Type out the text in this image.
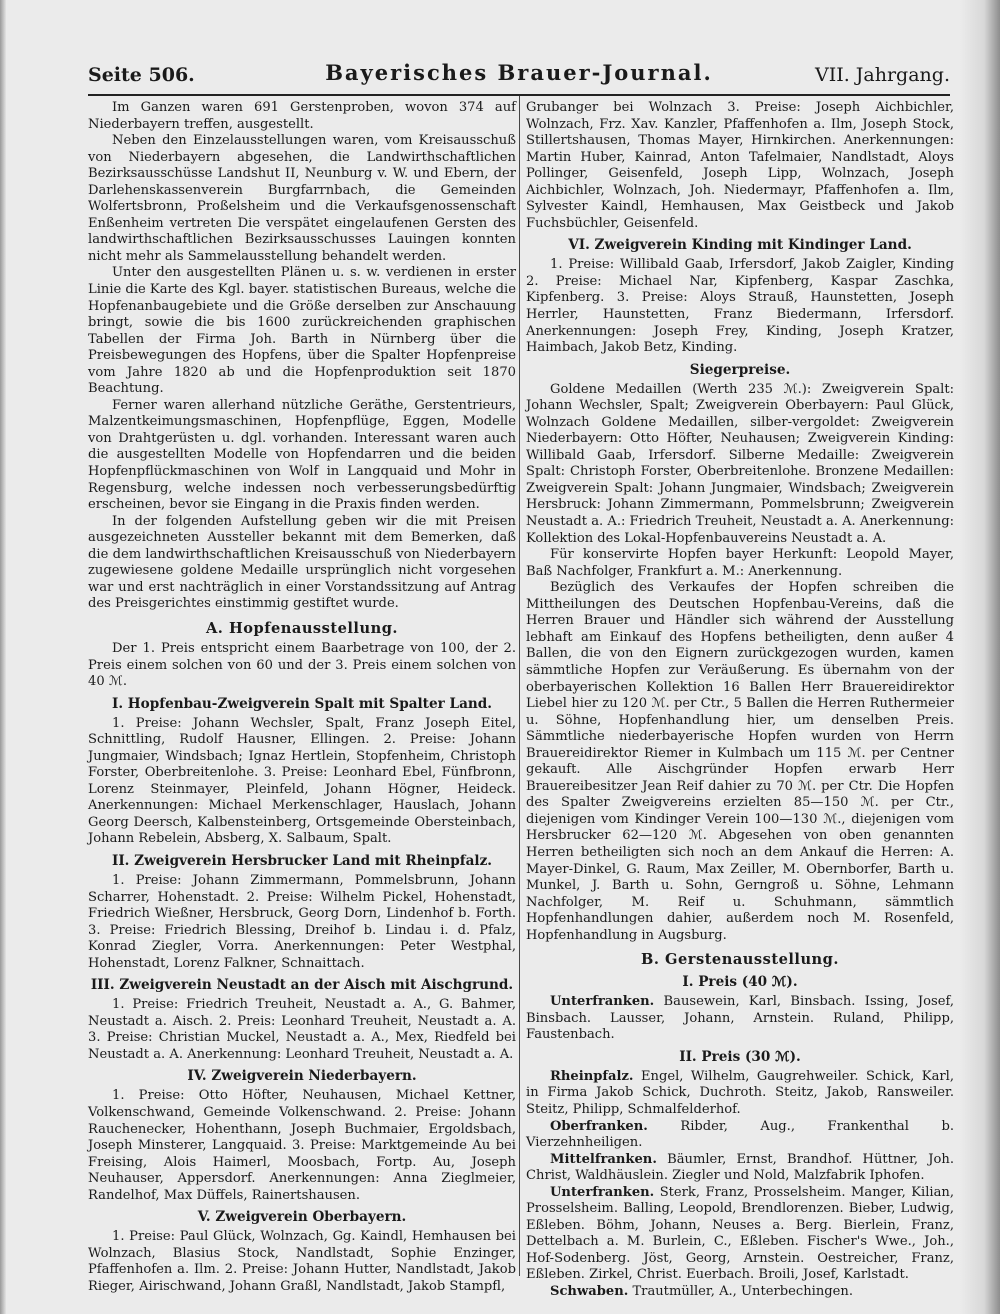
Seite 506.	Bayerisches Brauer-Journal.	VII. Jahrgang.

Im Ganzen waren 691 Gerstenproben, wovon 374 auf Niederbayern treffen, ausgestellt.

Neben den Einzelausstellungen waren, vom Kreisausschuß von Niederbayern abgesehen, die Landwirthschaftlichen Bezirksausschüsse Landshut II, Neunburg v. W. und Ebern, der Darlehenskassenverein Burgfarrnbach, die Gemeinden Wolfertsbronn, Proßelsheim und die Verkaufsgenossenschaft Enßenheim vertreten Die verspätet eingelaufenen Gersten des landwirthschaftlichen Bezirksausschusses Lauingen konnten nicht mehr als Sammelausstellung behandelt werden.

Unter den ausgestellten Plänen u. s. w. verdienen in erster Linie die Karte des Kgl. bayer. statistischen Bureaus, welche die Hopfenanbaugebiete und die Größe derselben zur Anschauung bringt, sowie die bis 1600 zurückreichenden graphischen Tabellen der Firma Joh. Barth in Nürnberg über die Preisbewegungen des Hopfens, über die Spalter Hopfenpreise vom Jahre 1820 ab und die Hopfenproduktion seit 1870 Beachtung.

Ferner waren allerhand nützliche Geräthe, Gerstentrieurs, Malzentkeimungsmaschinen, Hopfenpflüge, Eggen, Modelle von Drahtgerüsten u. dgl. vorhanden. Interessant waren auch die ausgestellten Modelle von Hopfendarren und die beiden Hopfenpflückmaschinen von Wolf in Langquaid und Mohr in Regensburg, welche indessen noch verbesserungsbedürftig erscheinen, bevor sie Eingang in die Praxis finden werden.

In der folgenden Aufstellung geben wir die mit Preisen ausgezeichneten Aussteller bekannt mit dem Bemerken, daß die dem landwirthschaftlichen Kreisausschuß von Niederbayern zugewiesene goldene Medaille ursprünglich nicht vorgesehen war und erst nachträglich in einer Vorstandssitzung auf Antrag des Preisgerichtes einstimmig gestiftet wurde.

A. Hopfenausstellung.

Der 1. Preis entspricht einem Baarbetrage von 100, der 2. Preis einem solchen von 60 und der 3. Preis einem solchen von 40 ℳ.

I. Hopfenbau-Zweigverein Spalt mit Spalter Land.

1. Preise: Johann Wechsler, Spalt, Franz Joseph Eitel, Schnittling, Rudolf Hausner, Ellingen. 2. Preise: Johann Jungmaier, Windsbach; Ignaz Hertlein, Stopfenheim, Christoph Forster, Oberbreitenlohe. 3. Preise: Leonhard Ebel, Fünfbronn, Lorenz Steinmayer, Pleinfeld, Johann Högner, Heideck. Anerkennungen: Michael Merkenschlager, Hauslach, Johann Georg Deersch, Kalbensteinberg, Ortsgemeinde Obersteinbach, Johann Rebelein, Absberg, X. Salbaum, Spalt.

II. Zweigverein Hersbrucker Land mit Rheinpfalz.

1. Preise: Johann Zimmermann, Pommelsbrunn, Johann Scharrer, Hohenstadt. 2. Preise: Wilhelm Pickel, Hohenstadt, Friedrich Wießner, Hersbruck, Georg Dorn, Lindenhof b. Forth. 3. Preise: Friedrich Blessing, Dreihof b. Lindau i. d. Pfalz, Konrad Ziegler, Vorra. Anerkennungen: Peter Westphal, Hohenstadt, Lorenz Falkner, Schnaittach.

III. Zweigverein Neustadt an der Aisch mit Aischgrund.

1. Preise: Friedrich Treuheit, Neustadt a. A., G. Bahmer, Neustadt a. Aisch. 2. Preis: Leonhard Treuheit, Neustadt a. A. 3. Preise: Christian Muckel, Neustadt a. A., Mex, Riedfeld bei Neustadt a. A. Anerkennung: Leonhard Treuheit, Neustadt a. A.

IV. Zweigverein Niederbayern.

1. Preise: Otto Höfter, Neuhausen, Michael Kettner, Volkenschwand, Gemeinde Volkenschwand. 2. Preise: Johann Rauchenecker, Hohenthann, Joseph Buchmaier, Ergoldsbach, Joseph Minsterer, Langquaid. 3. Preise: Marktgemeinde Au bei Freising, Alois Haimerl, Moosbach, Fortp. Au, Joseph Neuhauser, Appersdorf. Anerkennungen: Anna Zieglmeier, Randelhof, Max Düffels, Rainertshausen.

V. Zweigverein Oberbayern.

1. Preise: Paul Glück, Wolnzach, Gg. Kaindl, Hemhausen bei Wolnzach, Blasius Stock, Nandlstadt, Sophie Enzinger, Pfaffenhofen a. Ilm. 2. Preise: Johann Hutter, Nandlstadt, Jakob Rieger, Airischwand, Johann Graßl, Nandlstadt, Jakob Stampfl,

Grubanger bei Wolnzach 3. Preise: Joseph Aichbichler, Wolnzach, Frz. Xav. Kanzler, Pfaffenhofen a. Ilm, Joseph Stock, Stillertshausen, Thomas Mayer, Hirnkirchen. Anerkennungen: Martin Huber, Kainrad, Anton Tafelmaier, Nandlstadt, Aloys Pollinger, Geisenfeld, Joseph Lipp, Wolnzach, Joseph Aichbichler, Wolnzach, Joh. Niedermayr, Pfaffenhofen a. Ilm, Sylvester Kaindl, Hemhausen, Max Geistbeck und Jakob Fuchsbüchler, Geisenfeld.

VI. Zweigverein Kinding mit Kindinger Land.

1. Preise: Willibald Gaab, Irfersdorf, Jakob Zaigler, Kinding 2. Preise: Michael Nar, Kipfenberg, Kaspar Zaschka, Kipfenberg. 3. Preise: Aloys Strauß, Haunstetten, Joseph Herrler, Haunstetten, Franz Biedermann, Irfersdorf. Anerkennungen: Joseph Frey, Kinding, Joseph Kratzer, Haimbach, Jakob Betz, Kinding.

Siegerpreise.

Goldene Medaillen (Werth 235 ℳ.): Zweigverein Spalt: Johann Wechsler, Spalt; Zweigverein Oberbayern: Paul Glück, Wolnzach Goldene Medaillen, silber-vergoldet: Zweigverein Niederbayern: Otto Höfter, Neuhausen; Zweigverein Kinding: Willibald Gaab, Irfersdorf. Silberne Medaille: Zweigverein Spalt: Christoph Forster, Oberbreitenlohe. Bronzene Medaillen: Zweigverein Spalt: Johann Jungmaier, Windsbach; Zweigverein Hersbruck: Johann Zimmermann, Pommelsbrunn; Zweigverein Neustadt a. A.: Friedrich Treuheit, Neustadt a. A. Anerkennung: Kollektion des Lokal-Hopfenbauvereins Neustadt a. A.

Für konservirte Hopfen bayer Herkunft: Leopold Mayer, Baß Nachfolger, Frankfurt a. M.: Anerkennung.

Bezüglich des Verkaufes der Hopfen schreiben die Mittheilungen des Deutschen Hopfenbau-Vereins, daß die Herren Brauer und Händler sich während der Ausstellung lebhaft am Einkauf des Hopfens betheiligten, denn außer 4 Ballen, die von den Eignern zurückgezogen wurden, kamen sämmtliche Hopfen zur Veräußerung. Es übernahm von der oberbayerischen Kollektion 16 Ballen Herr Brauereidirektor Liebel hier zu 120 ℳ. per Ctr., 5 Ballen die Herren Ruthermeier u. Söhne, Hopfenhandlung hier, um denselben Preis. Sämmtliche niederbayerische Hopfen wurden von Herrn Brauereidirektor Riemer in Kulmbach um 115 ℳ. per Centner gekauft. Alle Aischgründer Hopfen erwarb Herr Brauereibesitzer Jean Reif dahier zu 70 ℳ. per Ctr. Die Hopfen des Spalter Zweigvereins erzielten 85—150 ℳ. per Ctr., diejenigen vom Kindinger Verein 100—130 ℳ., diejenigen vom Hersbrucker 62—120 ℳ. Abgesehen von oben genannten Herren betheiligten sich noch an dem Ankauf die Herren: A. Mayer-Dinkel, G. Raum, Max Zeiller, M. Obernborfer, Barth u. Munkel, J. Barth u. Sohn, Gerngroß u. Söhne, Lehmann Nachfolger, M. Reif u. Schuhmann, sämmtlich Hopfenhandlungen dahier, außerdem noch M. Rosenfeld, Hopfenhandlung in Augsburg.

B. Gerstenausstellung.
I. Preis (40 ℳ).

Unterfranken. Bausewein, Karl, Binsbach. Issing, Josef, Binsbach. Lausser, Johann, Arnstein. Ruland, Philipp, Faustenbach.

II. Preis (30 ℳ).

Rheinpfalz. Engel, Wilhelm, Gaugrehweiler. Schick, Karl, in Firma Jakob Schick, Duchroth. Steitz, Jakob, Ransweiler. Steitz, Philipp, Schmalfelderhof.

Oberfranken. Ribder, Aug., Frankenthal b. Vierzehnheiligen.

Mittelfranken. Bäumler, Ernst, Brandhof. Hüttner, Joh. Christ, Waldhäuslein. Ziegler und Nold, Malzfabrik Iphofen.

Unterfranken. Sterk, Franz, Prosselsheim. Manger, Kilian, Prosselsheim. Balling, Leopold, Brendlorenzen. Bieber, Ludwig, Eßleben. Böhm, Johann, Neuses a. Berg. Bierlein, Franz, Dettelbach a. M. Burlein, C., Eßleben. Fischer's Wwe., Joh., Hof-Sodenberg. Jöst, Georg, Arnstein. Oestreicher, Franz, Eßleben. Zirkel, Christ. Euerbach. Broili, Josef, Karlstadt.

Schwaben. Trautmüller, A., Unterbechingen.
